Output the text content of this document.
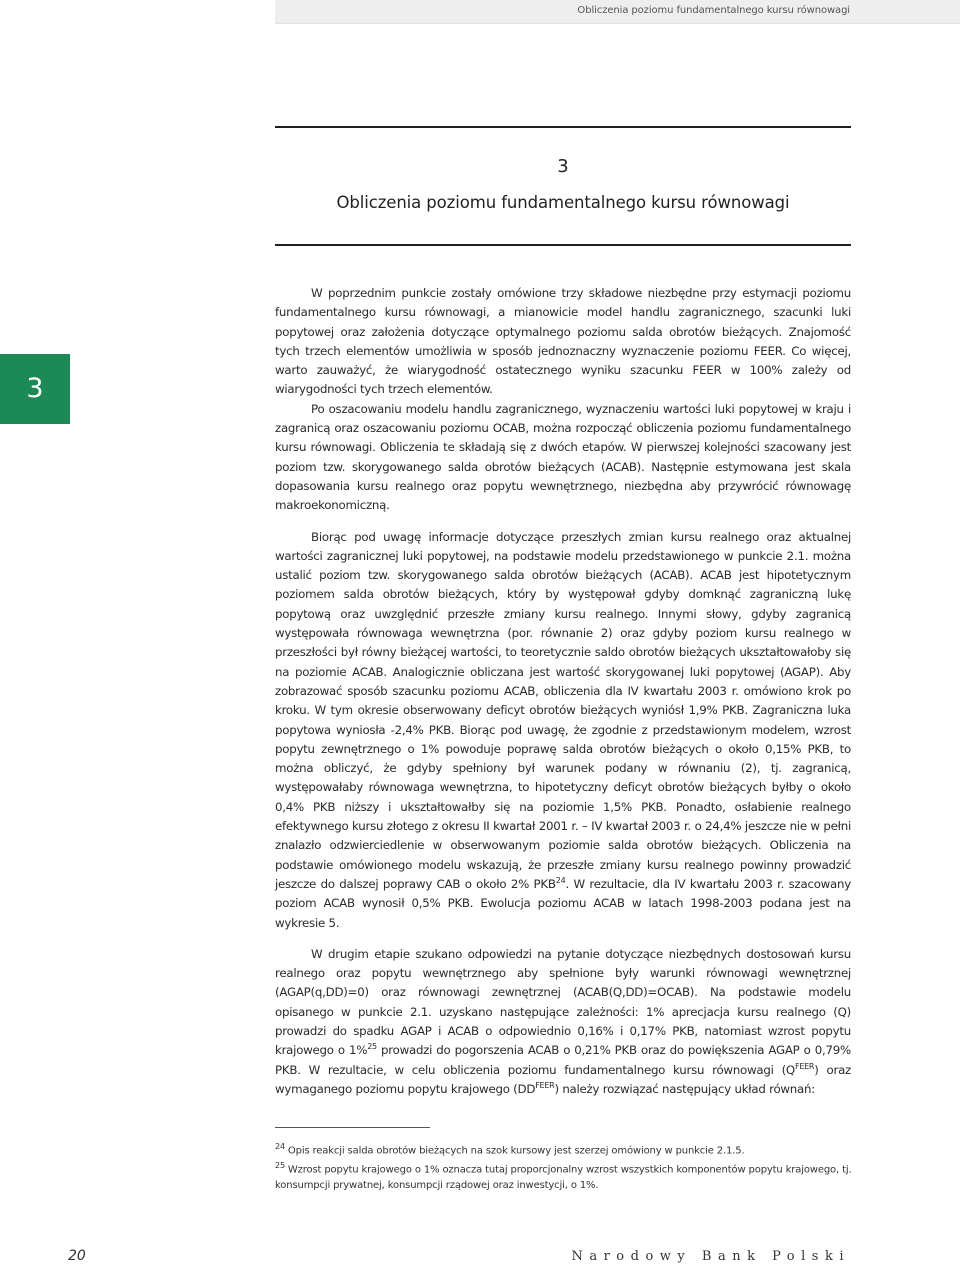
Obliczenia poziomu fundamentalnego kursu równowagi
3
Obliczenia poziomu fundamentalnego kursu równowagi
3

W poprzednim punkcie zostały omówione trzy składowe niezbędne przy estymacji poziomu fundamentalnego kursu równowagi, a mianowicie model handlu zagranicznego, szacunki luki popytowej oraz założenia dotyczące optymalnego poziomu salda obrotów bieżących. Znajomość tych trzech elementów umożliwia w sposób jednoznaczny wyznaczenie poziomu FEER. Co więcej, warto zauważyć, że wiarygodność ostatecznego wyniku szacunku FEER w 100% zależy od wiarygodności tych trzech elementów.

Po oszacowaniu modelu handlu zagranicznego, wyznaczeniu wartości luki popytowej w kraju i zagranicą oraz oszacowaniu poziomu OCAB, można rozpocząć obliczenia poziomu fundamentalnego kursu równowagi. Obliczenia te składają się z dwóch etapów. W pierwszej kolejności szacowany jest poziom tzw. skorygowanego salda obrotów bieżących (ACAB). Następnie estymowana jest skala dopasowania kursu realnego oraz popytu wewnętrznego, niezbędna aby przywrócić równowagę makroekonomiczną.

Biorąc pod uwagę informacje dotyczące przeszłych zmian kursu realnego oraz aktualnej wartości zagranicznej luki popytowej, na podstawie modelu przedstawionego w punkcie 2.1. można ustalić poziom tzw. skorygowanego salda obrotów bieżących (ACAB). ACAB jest hipotetycznym poziomem salda obrotów bieżących, który by występował gdyby domknąć zagraniczną lukę popytową oraz uwzględnić przeszłe zmiany kursu realnego. Innymi słowy, gdyby zagranicą występowała równowaga wewnętrzna (por. równanie 2) oraz gdyby poziom kursu realnego w przeszłości był równy bieżącej wartości, to teoretycznie saldo obrotów bieżących ukształtowałoby się na poziomie ACAB. Analogicznie obliczana jest wartość skorygowanej luki popytowej (AGAP). Aby zobrazować sposób szacunku poziomu ACAB, obliczenia dla IV kwartału 2003 r. omówiono krok po kroku. W tym okresie obserwowany deficyt obrotów bieżących wyniósł 1,9% PKB. Zagraniczna luka popytowa wyniosła -2,4% PKB. Biorąc pod uwagę, że zgodnie z przedstawionym modelem, wzrost popytu zewnętrznego o 1% powoduje poprawę salda obrotów bieżących o około 0,15% PKB, to można obliczyć, że gdyby spełniony był warunek podany w równaniu (2), tj. zagranicą, występowałaby równowaga wewnętrzna, to hipotetyczny deficyt obrotów bieżących byłby o około 0,4% PKB niższy i ukształtowałby się na poziomie 1,5% PKB. Ponadto, osłabienie realnego efektywnego kursu złotego z okresu II kwartał 2001 r. – IV kwartał 2003 r. o 24,4% jeszcze nie w pełni znalazło odzwierciedlenie w obserwowanym poziomie salda obrotów bieżących. Obliczenia na podstawie omówionego modelu wskazują, że przeszłe zmiany kursu realnego powinny prowadzić jeszcze do dalszej poprawy CAB o około 2% PKB$^{24}$. W rezultacie, dla IV kwartału 2003 r. szacowany poziom ACAB wynosił 0,5% PKB. Ewolucja poziomu ACAB w latach 1998-2003 podana jest na wykresie 5.

W drugim etapie szukano odpowiedzi na pytanie dotyczące niezbędnych dostosowań kursu realnego oraz popytu wewnętrznego aby spełnione były warunki równowagi wewnętrznej (AGAP(q,DD)=0) oraz równowagi zewnętrznej (ACAB(Q,DD)=OCAB). Na podstawie modelu opisanego w punkcie 2.1. uzyskano następujące zależności: 1% aprecjacja kursu realnego (Q) prowadzi do spadku AGAP i ACAB o odpowiednio 0,16% i 0,17% PKB, natomiast wzrost popytu krajowego o 1%$^{25}$ prowadzi do pogorszenia ACAB o 0,21% PKB oraz do powiększenia AGAP o 0,79% PKB. W rezultacie, w celu obliczenia poziomu fundamentalnego kursu równowagi $(Q^{FEER})$ oraz wymaganego poziomu popytu krajowego $(DD^{FEER})$ należy rozwiązać następujący układ równań:

$^{24}$ Opis reakcji salda obrotów bieżących na szok kursowy jest szerzej omówiony w punkcie 2.1.5.
$^{25}$ Wzrost popytu krajowego o 1% oznacza tutaj proporcjonalny wzrost wszystkich komponentów popytu krajowego, tj. konsumpcji prywatnej, konsumpcji rządowej oraz inwestycji, o 1%.
20	Narodowy Bank Polski
